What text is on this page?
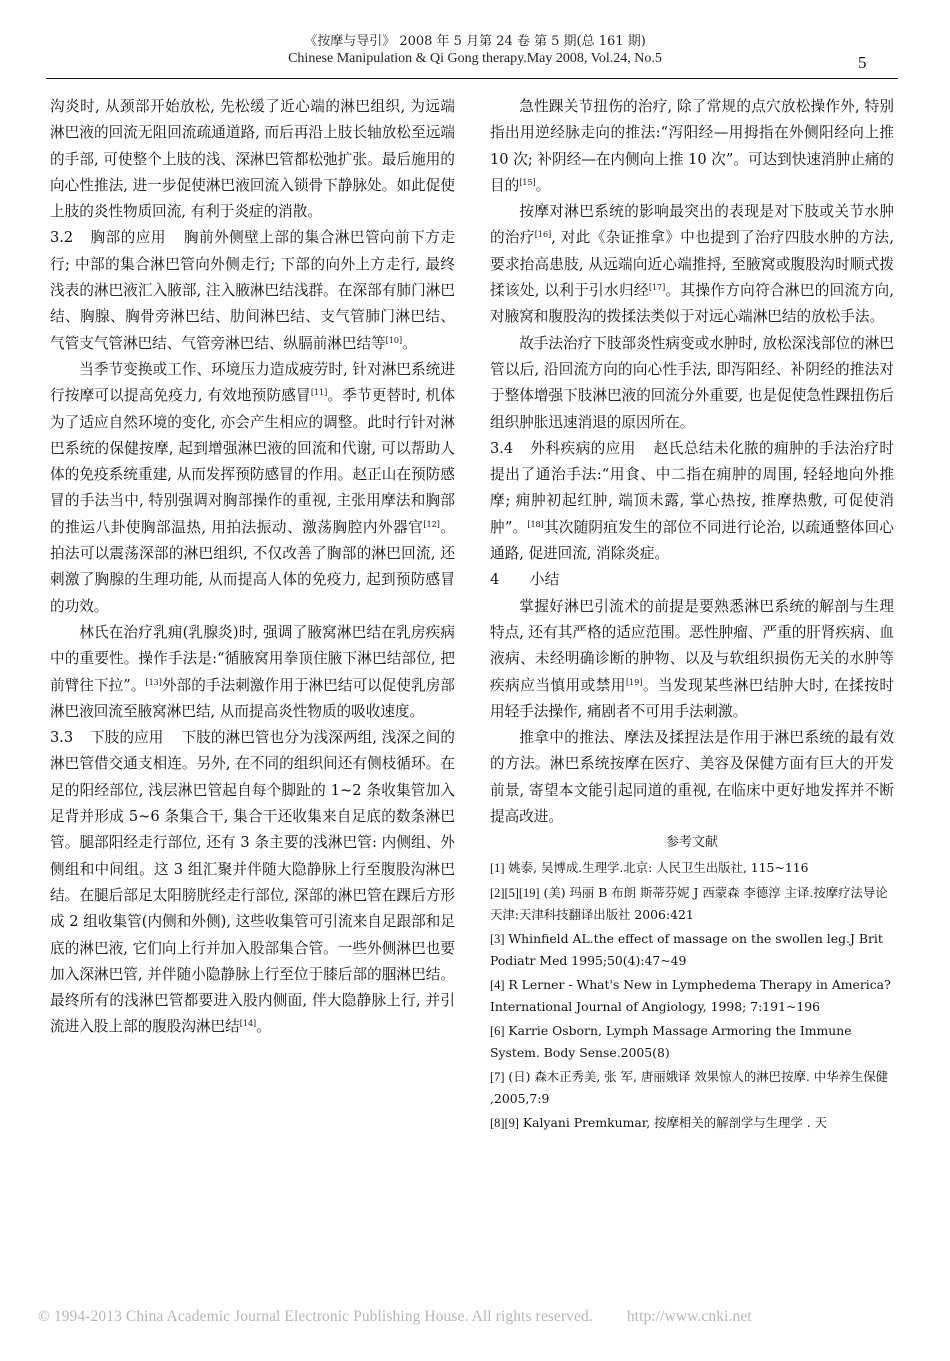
《按摩与导引》 2008 年 5 月第 24 卷 第 5 期(总 161 期)
Chinese Manipulation & Qi Gong therapy.May 2008, Vol.24, No.5	5

沟炎时, 从颈部开始放松, 先松缓了近心端的淋巴组织, 为远端淋巴液的回流无阻回流疏通道路, 而后再沿上肢长轴放松至远端的手部, 可使整个上肢的浅、深淋巴管都松弛扩张。最后施用的向心性推法, 进一步促使淋巴液回流入锁骨下静脉处。如此促使上肢的炎性物质回流, 有利于炎症的消散。

3.2 胸部的应用 胸前外侧壁上部的集合淋巴管向前下方走行; 中部的集合淋巴管向外侧走行; 下部的向外上方走行, 最终浅表的淋巴液汇入腋部, 注入腋淋巴结浅群。在深部有肺门淋巴结、胸腺、胸骨旁淋巴结、肋间淋巴结、支气管肺门淋巴结、气管支气管淋巴结、气管旁淋巴结、纵膈前淋巴结等[10]。

当季节变换或工作、环境压力造成疲劳时, 针对淋巴系统进行按摩可以提高免疫力, 有效地预防感冒[11]。季节更替时, 机体为了适应自然环境的变化, 亦会产生相应的调整。此时行针对淋巴系统的保健按摩, 起到增强淋巴液的回流和代谢, 可以帮助人体的免疫系统重建, 从而发挥预防感冒的作用。赵正山在预防感冒的手法当中, 特别强调对胸部操作的重视, 主张用摩法和胸部的推运八卦使胸部温热, 用拍法振动、激荡胸腔内外器官[12]。拍法可以震荡深部的淋巴组织, 不仅改善了胸部的淋巴回流, 还刺激了胸腺的生理功能, 从而提高人体的免疫力, 起到预防感冒的功效。

林氏在治疗乳痈(乳腺炎)时, 强调了腋窝淋巴结在乳房疾病中的重要性。操作手法是:“循腋窝用拳顶住腋下淋巴结部位, 把前臂往下拉”。[13]外部的手法刺激作用于淋巴结可以促使乳房部淋巴液回流至腋窝淋巴结, 从而提高炎性物质的吸收速度。

3.3 下肢的应用 下肢的淋巴管也分为浅深两组, 浅深之间的淋巴管借交通支相连。另外, 在不同的组织间还有侧枝循环。在足的阳经部位, 浅层淋巴管起自每个脚趾的 1~2 条收集管加入足背并形成 5~6 条集合干, 集合干还收集来自足底的数条淋巴管。腿部阳经走行部位, 还有 3 条主要的浅淋巴管: 内侧组、外侧组和中间组。这 3 组汇聚并伴随大隐静脉上行至腹股沟淋巴结。在腿后部足太阳膀胱经走行部位, 深部的淋巴管在踝后方形成 2 组收集管(内侧和外侧), 这些收集管可引流来自足跟部和足底的淋巴液, 它们向上行并加入股部集合管。一些外侧淋巴也要加入深淋巴管, 并伴随小隐静脉上行至位于膝后部的腘淋巴结。最终所有的浅淋巴管都要进入股内侧面, 伴大隐静脉上行, 并引流进入股上部的腹股沟淋巴结[14]。

急性踝关节扭伤的治疗, 除了常规的点穴放松操作外, 特别指出用逆经脉走向的推法:“泻阳经—用拇指在外侧阳经向上推 10 次; 补阴经—在内侧向上推 10 次”。可达到快速消肿止痛的目的[15]。

按摩对淋巴系统的影响最突出的表现是对下肢或关节水肿的治疗[16], 对此《杂证推拿》中也提到了治疗四肢水肿的方法, 要求抬高患肢, 从远端向近心端推捋, 至腋窝或腹股沟时顺式拨揉该处, 以利于引水归经[17]。其操作方向符合淋巴的回流方向, 对腋窝和腹股沟的拨揉法类似于对远心端淋巴结的放松手法。

故手法治疗下肢部炎性病变或水肿时, 放松深浅部位的淋巴管以后, 沿回流方向的向心性手法, 即泻阳经、补阴经的推法对于整体增强下肢淋巴液的回流分外重要, 也是促使急性踝扭伤后组织肿胀迅速消退的原因所在。

3.4 外科疾病的应用 赵氏总结未化脓的痈肿的手法治疗时提出了通治手法:“用食、中二指在痈肿的周围, 轻轻地向外推摩; 痈肿初起红肿, 端顶未露, 掌心热按, 推摩热敷, 可促使消肿”。[18]其次随阴疽发生的部位不同进行论治, 以疏通整体回心通路, 促进回流, 消除炎症。

4 小结

掌握好淋巴引流术的前提是要熟悉淋巴系统的解剖与生理特点, 还有其严格的适应范围。恶性肿瘤、严重的肝肾疾病、血液病、未经明确诊断的肿物、以及与软组织损伤无关的水肿等疾病应当慎用或禁用[19]。当发现某些淋巴结肿大时, 在揉按时用轻手法操作, 痛剧者不可用手法刺激。

推拿中的推法、摩法及揉捏法是作用于淋巴系统的最有效的方法。淋巴系统按摩在医疗、美容及保健方面有巨大的开发前景, 寄望本文能引起同道的重视, 在临床中更好地发挥并不断提高改进。

参考文献
[1] 姚泰, 吴博成.生理学.北京: 人民卫生出版社, 115~116
[2][5][19] (美) 玛丽 B 布朗 斯蒂芬妮 J 西蒙森 李德淳 主译.按摩疗法导论天津:天津科技翻译出版社 2006:421
[3] Whinfield AL.the effect of massage on the swollen leg.J Brit Podiatr Med 1995;50(4):47~49
[4] R Lerner - What's New in Lymphedema Therapy in America? International Journal of Angiology, 1998; 7:191~196
[6] Karrie Osborn, Lymph Massage Armoring the Immune System. Body Sense.2005(8)
[7] (日) 森木正秀美, 张 军, 唐丽娥译 效果惊人的淋巴按摩. 中华养生保健 ,2005,7:9
[8][9] Kalyani Premkumar, 按摩相关的解剖学与生理学 . 天
© 1994-2013 China Academic Journal Electronic Publishing House. All rights reserved. http://www.cnki.net
